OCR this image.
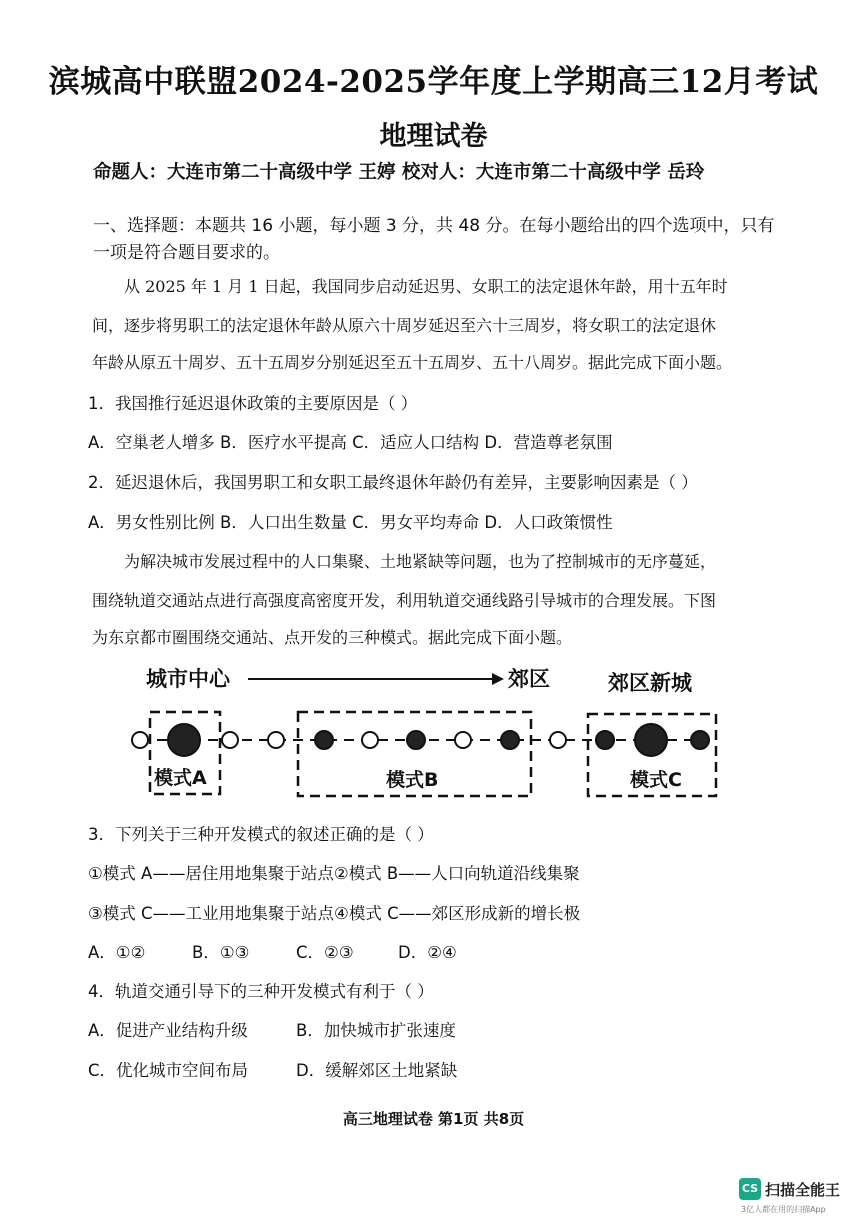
滨城高中联盟2024-2025学年度上学期高三12月考试
地理试卷
命题人：大连市第二十高级中学 王婷 校对人：大连市第二十高级中学 岳玲
一、选择题：本题共 16 小题，每小题 3 分，共 48 分。在每小题给出的四个选项中，只有
一项是符合题目要求的。
从 2025 年 1 月 1 日起，我国同步启动延迟男、女职工的法定退休年龄，用十五年时
间，逐步将男职工的法定退休年龄从原六十周岁延迟至六十三周岁，将女职工的法定退休
年龄从原五十周岁、五十五周岁分别延迟至五十五周岁、五十八周岁。据此完成下面小题。
1．我国推行延迟退休政策的主要原因是（ ）
A．空巢老人增多 B．医疗水平提高 C．适应人口结构 D．营造尊老氛围
2．延迟退休后，我国男职工和女职工最终退休年龄仍有差异，主要影响因素是（ ）
A．男女性别比例 B．人口出生数量 C．男女平均寿命 D．人口政策惯性
为解决城市发展过程中的人口集聚、土地紧缺等问题，也为了控制城市的无序蔓延，
围绕轨道交通站点进行高强度高密度开发，利用轨道交通线路引导城市的合理发展。下图
为东京都市圈围绕交通站、点开发的三种模式。据此完成下面小题。
城市中心	郊区	郊区新城
模式A	模式B	模式C
3．下列关于三种开发模式的叙述正确的是（ ）
①模式 A——居住用地集聚于站点②模式 B——人口向轨道沿线集聚
③模式 C——工业用地集聚于站点④模式 C——郊区形成新的增长极
A．①②	B．①③	C．②③	D．②④
4．轨道交通引导下的三种开发模式有利于（ ）
A．促进产业结构升级	B．加快城市扩张速度
C．优化城市空间布局	D．缓解郊区土地紧缺
高三地理试卷 第1页 共8页
CS 扫描全能王
3亿人都在用的扫描App
